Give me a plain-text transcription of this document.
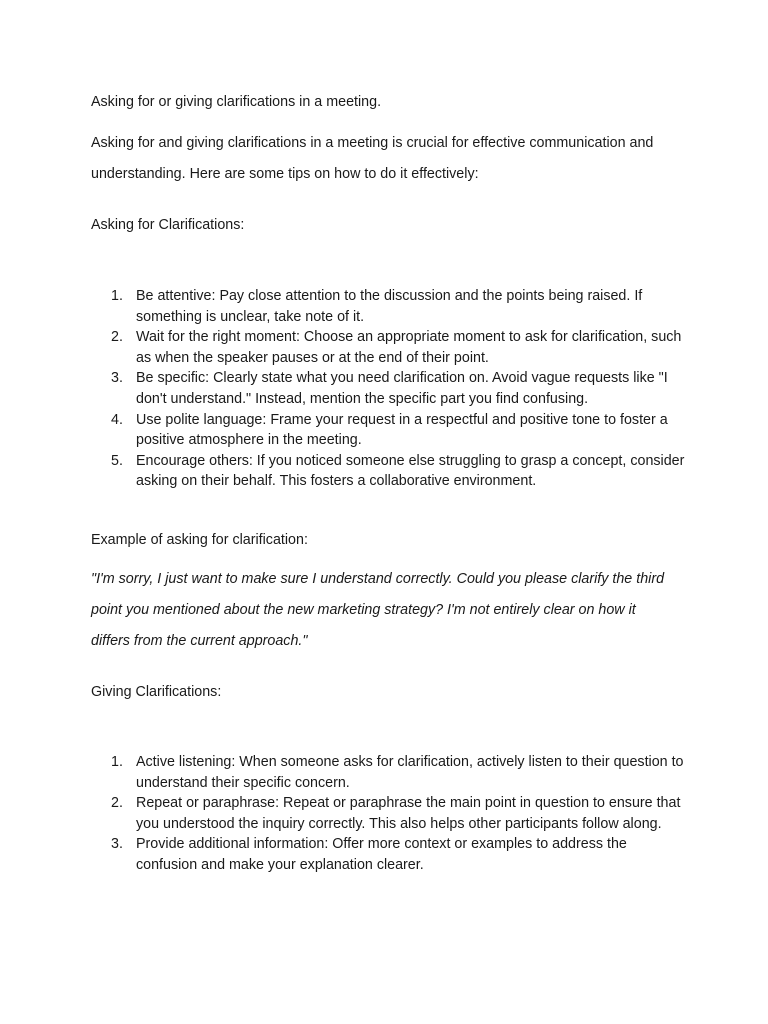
Asking for or giving clarifications in a meeting.

Asking for and giving clarifications in a meeting is crucial for effective communication and understanding. Here are some tips on how to do it effectively:

Asking for Clarifications:

1. Be attentive: Pay close attention to the discussion and the points being raised. If something is unclear, take note of it.
2. Wait for the right moment: Choose an appropriate moment to ask for clarification, such as when the speaker pauses or at the end of their point.
3. Be specific: Clearly state what you need clarification on. Avoid vague requests like "I don't understand." Instead, mention the specific part you find confusing.
4. Use polite language: Frame your request in a respectful and positive tone to foster a positive atmosphere in the meeting.
5. Encourage others: If you noticed someone else struggling to grasp a concept, consider asking on their behalf. This fosters a collaborative environment.

Example of asking for clarification:

"I'm sorry, I just want to make sure I understand correctly. Could you please clarify the third point you mentioned about the new marketing strategy? I'm not entirely clear on how it differs from the current approach."

Giving Clarifications:

1. Active listening: When someone asks for clarification, actively listen to their question to understand their specific concern.
2. Repeat or paraphrase: Repeat or paraphrase the main point in question to ensure that you understood the inquiry correctly. This also helps other participants follow along.
3. Provide additional information: Offer more context or examples to address the confusion and make your explanation clearer.
